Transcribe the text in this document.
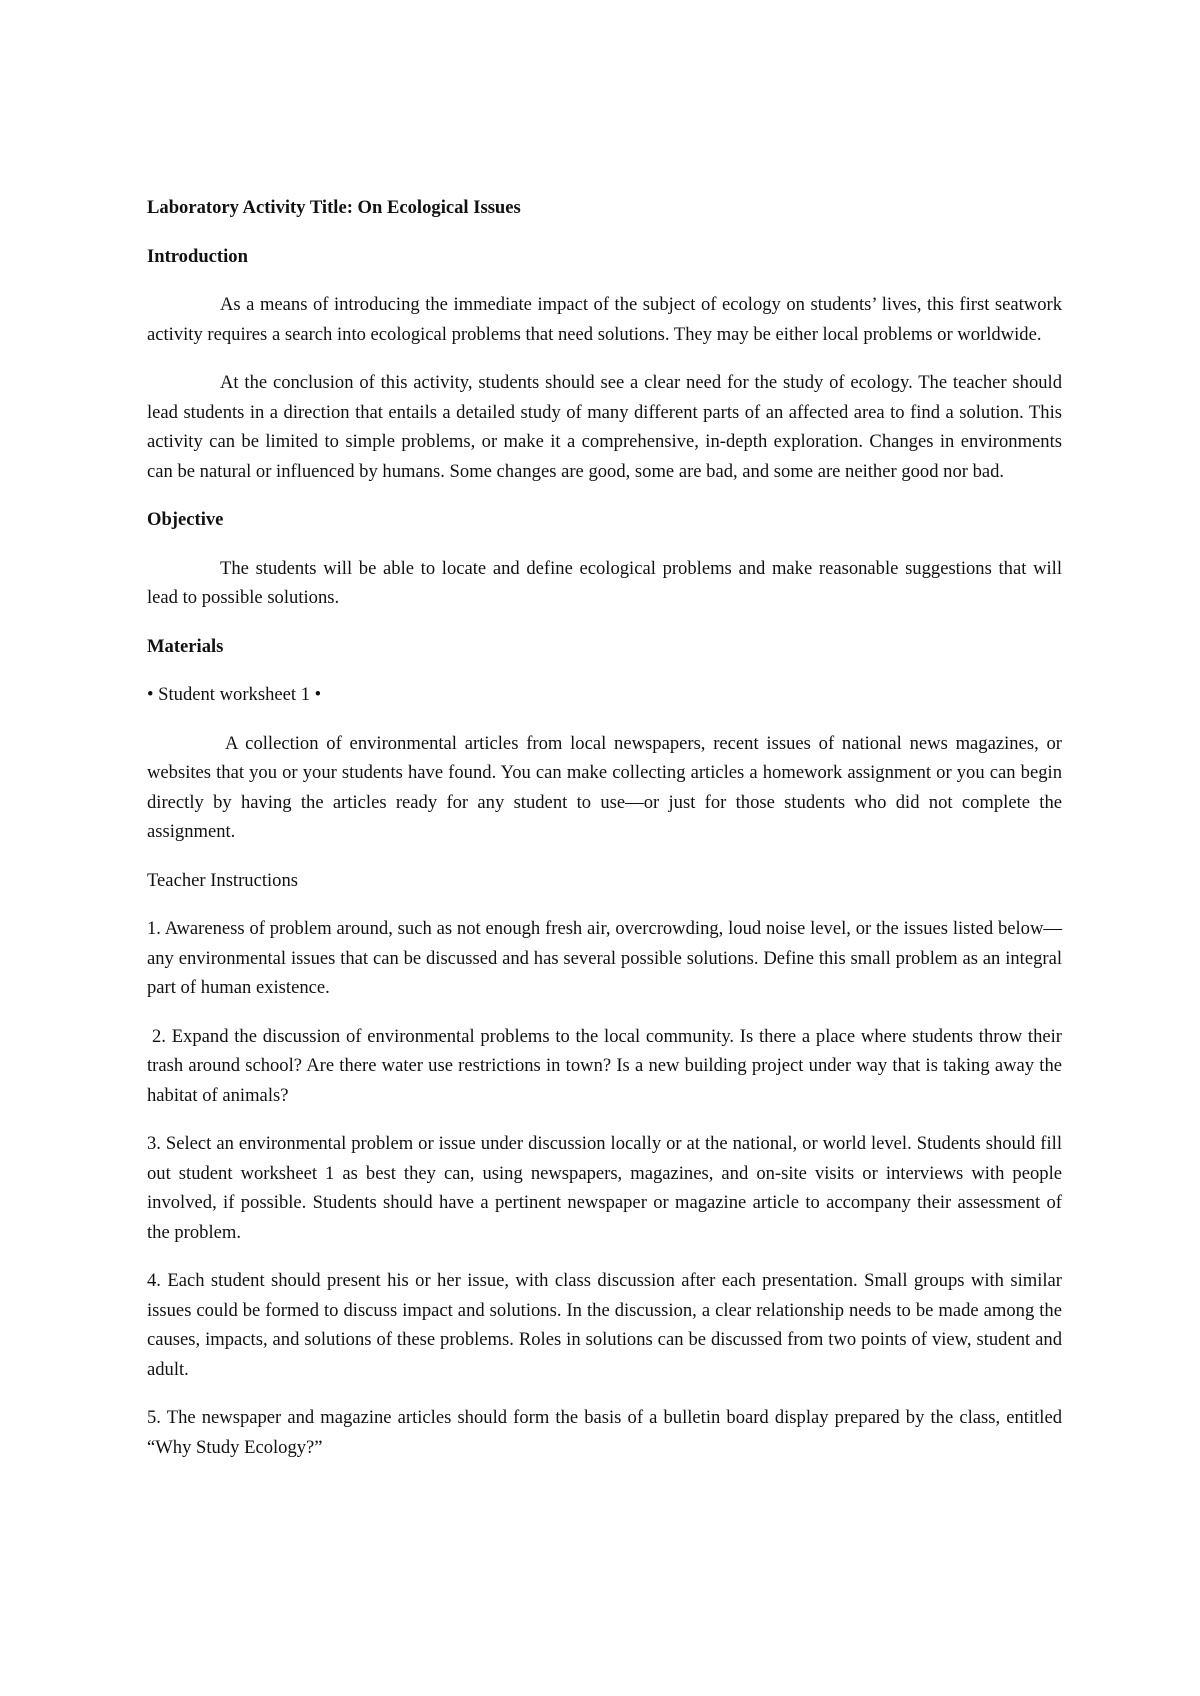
Laboratory Activity Title: On Ecological Issues

Introduction

As a means of introducing the immediate impact of the subject of ecology on students’ lives, this first seatwork activity requires a search into ecological problems that need solutions. They may be either local problems or worldwide.

At the conclusion of this activity, students should see a clear need for the study of ecology. The teacher should lead students in a direction that entails a detailed study of many different parts of an affected area to find a solution. This activity can be limited to simple problems, or make it a comprehensive, in-depth exploration. Changes in environments can be natural or influenced by humans. Some changes are good, some are bad, and some are neither good nor bad.

Objective

The students will be able to locate and define ecological problems and make reasonable suggestions that will lead to possible solutions.

Materials

• Student worksheet 1 •

A collection of environmental articles from local newspapers, recent issues of national news magazines, or websites that you or your students have found. You can make collecting articles a homework assignment or you can begin directly by having the articles ready for any student to use—or just for those students who did not complete the assignment.

Teacher Instructions

1. Awareness of problem around, such as not enough fresh air, overcrowding, loud noise level, or the issues listed below—any environmental issues that can be discussed and has several possible solutions. Define this small problem as an integral part of human existence.

2. Expand the discussion of environmental problems to the local community. Is there a place where students throw their trash around school? Are there water use restrictions in town? Is a new building project under way that is taking away the habitat of animals?

3. Select an environmental problem or issue under discussion locally or at the national, or world level. Students should fill out student worksheet 1 as best they can, using newspapers, magazines, and on-site visits or interviews with people involved, if possible. Students should have a pertinent newspaper or magazine article to accompany their assessment of the problem.

4. Each student should present his or her issue, with class discussion after each presentation. Small groups with similar issues could be formed to discuss impact and solutions. In the discussion, a clear relationship needs to be made among the causes, impacts, and solutions of these problems. Roles in solutions can be discussed from two points of view, student and adult.

5. The newspaper and magazine articles should form the basis of a bulletin board display prepared by the class, entitled “Why Study Ecology?”
